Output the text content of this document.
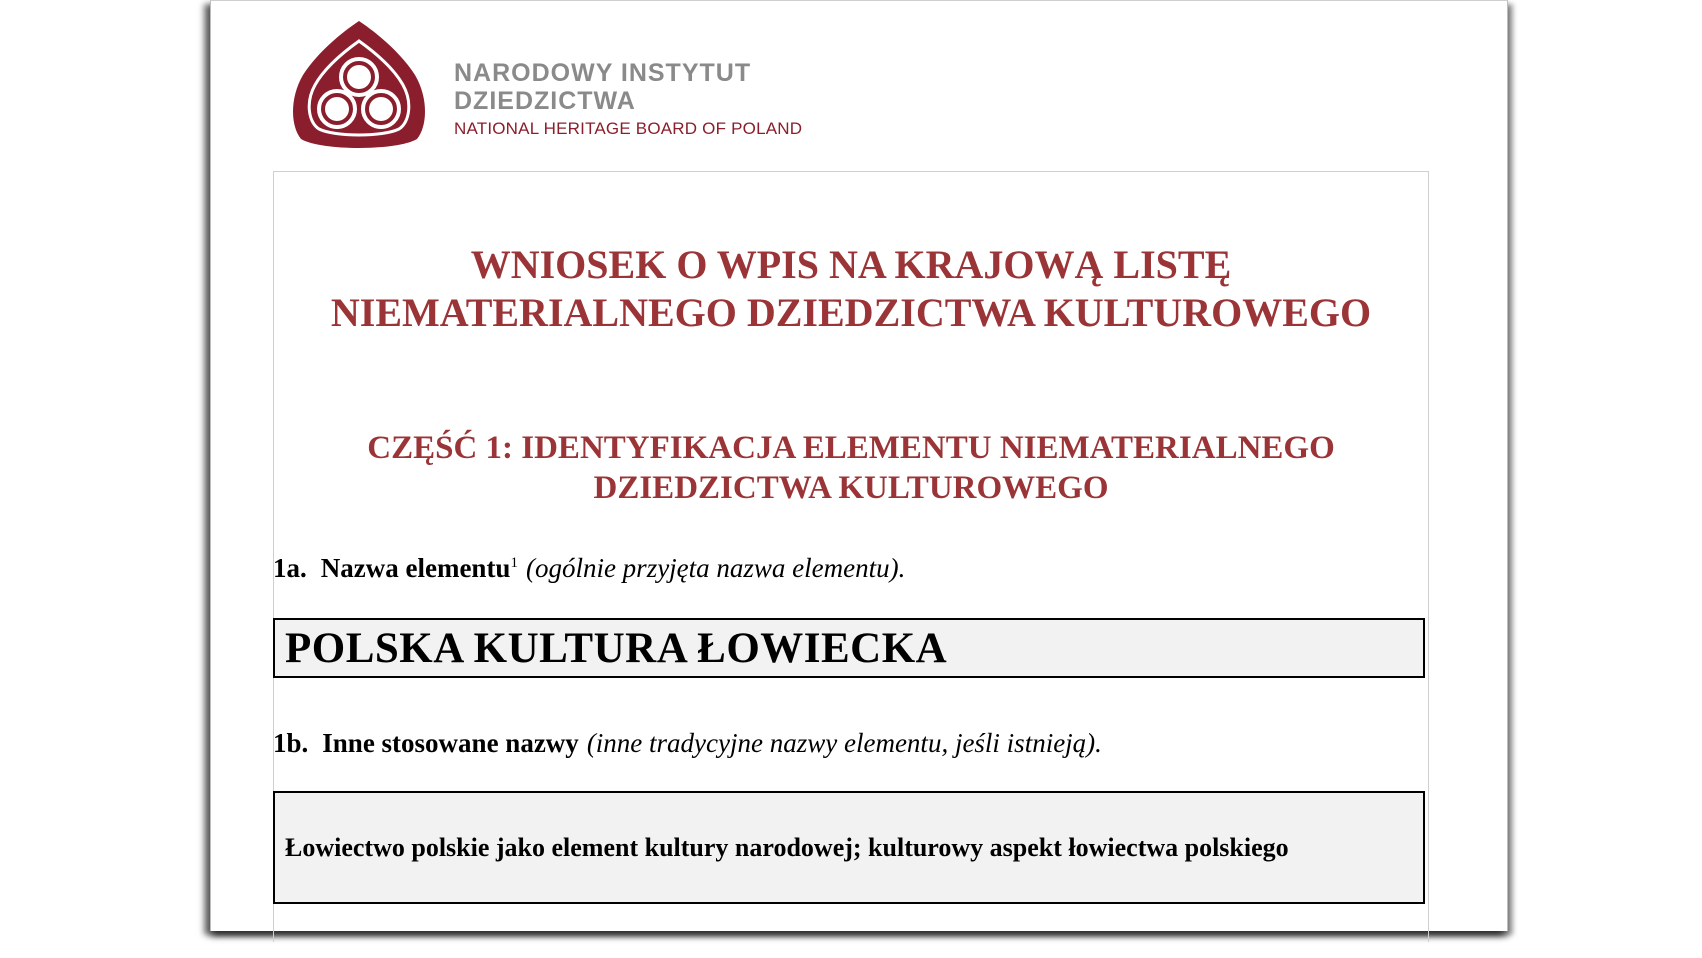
NARODOWY INSTYTUT
DZIEDZICTWA
NATIONAL HERITAGE BOARD OF POLAND
WNIOSEK O WPIS NA KRAJOWĄ LISTĘ
NIEMATERIALNEGO DZIEDZICTWA KULTUROWEGO
CZĘŚĆ 1: IDENTYFIKACJA ELEMENTU NIEMATERIALNEGO
DZIEDZICTWA KULTUROWEGO
1a. Nazwa elementu$^1$ (ogólnie przyjęta nazwa elementu).
POLSKA KULTURA ŁOWIECKA
1b. Inne stosowane nazwy (inne tradycyjne nazwy elementu, jeśli istnieją).
Łowiectwo polskie jako element kultury narodowej; kulturowy aspekt łowiectwa polskiego
